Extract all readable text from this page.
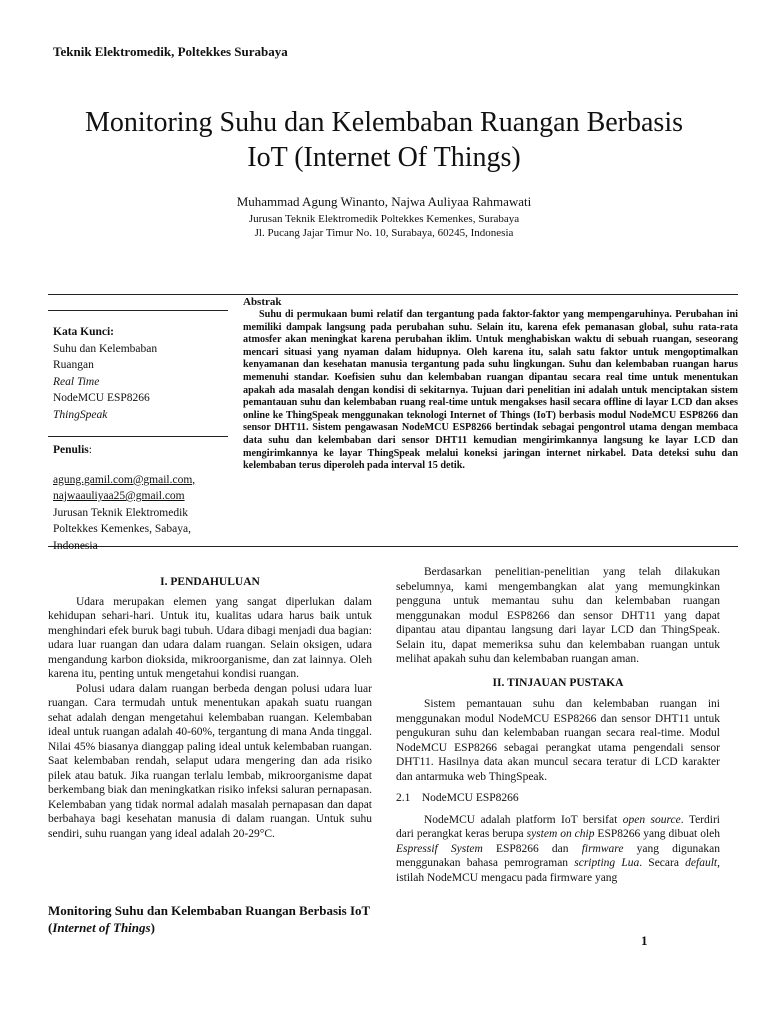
Teknik Elektromedik, Poltekkes Surabaya
Monitoring Suhu dan Kelembaban Ruangan Berbasis
IoT (Internet Of Things)
Muhammad Agung Winanto, Najwa Auliyaa Rahmawati
Jurusan Teknik Elektromedik Poltekkes Kemenkes, Surabaya
Jl. Pucang Jajar Timur No. 10, Surabaya, 60245, Indonesia
Abstrak
Suhu di permukaan bumi relatif dan tergantung pada faktor-faktor yang mempengaruhinya. Perubahan ini memiliki dampak langsung pada perubahan suhu. Selain itu, karena efek pemanasan global, suhu rata-rata atmosfer akan meningkat karena perubahan iklim. Untuk menghabiskan waktu di sebuah ruangan, seseorang mencari situasi yang nyaman dalam hidupnya. Oleh karena itu, salah satu faktor untuk mengoptimalkan kenyamanan dan kesehatan manusia tergantung pada suhu lingkungan. Suhu dan kelembaban ruangan harus memenuhi standar. Koefisien suhu dan kelembaban ruangan dipantau secara real time untuk menentukan apakah ada masalah dengan kondisi di sekitarnya. Tujuan dari penelitian ini adalah untuk menciptakan sistem pemantauan suhu dan kelembaban ruang real-time untuk mengakses hasil secara offline di layar LCD dan akses online ke ThingSpeak menggunakan teknologi Internet of Things (IoT) berbasis modul NodeMCU ESP8266 dan sensor DHT11. Sistem pengawasan NodeMCU ESP8266 bertindak sebagai pengontrol utama dengan membaca data suhu dan kelembaban dari sensor DHT11 kemudian mengirimkannya langsung ke layar LCD dan mengirimkannya ke layar ThingSpeak melalui koneksi jaringan internet nirkabel. Data deteksi suhu dan kelembaban terus diperoleh pada interval 15 detik.
Kata Kunci:
Suhu dan Kelembaban
Ruangan
Real Time
NodeMCU ESP8266
ThingSpeak
Penulis:
agung.gamil.com@gmail.com,
najwaauliyaa25@gmail.com
Jurusan Teknik Elektromedik
Poltekkes Kemenkes, Sabaya,
Indonesia
I. PENDAHULUAN

Udara merupakan elemen yang sangat diperlukan dalam kehidupan sehari-hari. Untuk itu, kualitas udara harus baik untuk menghindari efek buruk bagi tubuh. Udara dibagi menjadi dua bagian: udara luar ruangan dan udara dalam ruangan. Selain oksigen, udara mengandung karbon dioksida, mikroorganisme, dan zat lainnya. Oleh karena itu, penting untuk mengetahui kondisi ruangan.

Polusi udara dalam ruangan berbeda dengan polusi udara luar ruangan. Cara termudah untuk menentukan apakah suatu ruangan sehat adalah dengan mengetahui kelembaban ruangan. Kelembaban ideal untuk ruangan adalah 40-60%, tergantung di mana Anda tinggal. Nilai 45% biasanya dianggap paling ideal untuk kelembaban ruangan. Saat kelembaban rendah, selaput udara mengering dan ada risiko pilek atau batuk. Jika ruangan terlalu lembab, mikroorganisme dapat berkembang biak dan meningkatkan risiko infeksi saluran pernapasan. Kelembaban yang tidak normal adalah masalah pernapasan dan dapat berbahaya bagi kesehatan manusia di dalam ruangan. Untuk suhu sendiri, suhu ruangan yang ideal adalah 20-29°C.

Berdasarkan penelitian-penelitian yang telah dilakukan sebelumnya, kami mengembangkan alat yang memungkinkan pengguna untuk memantau suhu dan kelembaban ruangan menggunakan modul ESP8266 dan sensor DHT11 yang dapat dipantau atau dipantau langsung dari layar LCD dan ThingSpeak. Selain itu, dapat memeriksa suhu dan kelembaban ruangan untuk melihat apakah suhu dan kelembaban ruangan aman.

II. TINJAUAN PUSTAKA

Sistem pemantauan suhu dan kelembaban ruangan ini menggunakan modul NodeMCU ESP8266 dan sensor DHT11 untuk pengukuran suhu dan kelembaban ruangan secara real-time. Modul NodeMCU ESP8266 sebagai perangkat utama pengendali sensor DHT11. Hasilnya data akan muncul secara teratur di LCD karakter dan antarmuka web ThingSpeak.

2.1 NodeMCU ESP8266

NodeMCU adalah platform IoT bersifat open source. Terdiri dari perangkat keras berupa system on chip ESP8266 yang dibuat oleh Espressif System ESP8266 dan firmware yang digunakan menggunakan bahasa pemrograman scripting Lua. Secara default, istilah NodeMCU mengacu pada firmware yang

Monitoring Suhu dan Kelembaban Ruangan Berbasis IoT
(Internet of Things)
1
